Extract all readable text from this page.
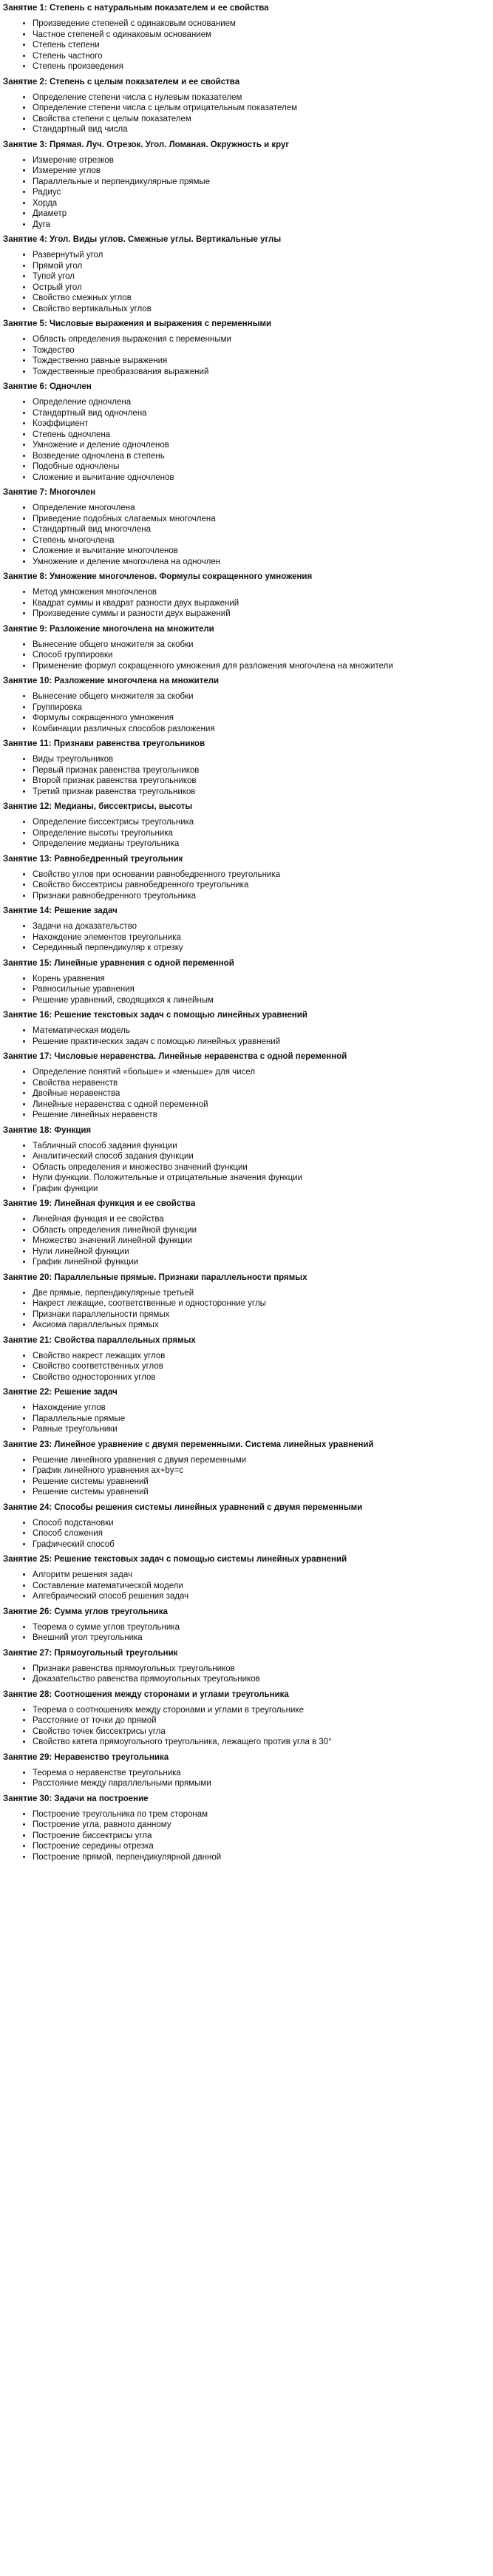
Занятие 1: Степень с натуральным показателем и ее свойства
• Произведение степеней с одинаковым основанием
• Частное степеней с одинаковым основанием
• Степень степени
• Степень частного
• Степень произведения
Занятие 2: Степень с целым показателем и ее свойства
• Определение степени числа с нулевым показателем
• Определение степени числа с целым отрицательным показателем
• Свойства степени с целым показателем
• Стандартный вид числа
Занятие 3: Прямая. Луч. Отрезок. Угол. Ломаная. Окружность и круг
• Измерение отрезков
• Измерение углов
• Параллельные и перпендикулярные прямые
• Радиус
• Хорда
• Диаметр
• Дуга
Занятие 4: Угол. Виды углов. Смежные углы. Вертикальные углы
• Развернутый угол
• Прямой угол
• Тупой угол
• Острый угол
• Свойство смежных углов
• Свойство вертикальных углов
Занятие 5: Числовые выражения и выражения с переменными
• Область определения выражения с переменными
• Тождество
• Тождественно равные выражения
• Тождественные преобразования выражений
Занятие 6: Одночлен
• Определение одночлена
• Стандартный вид одночлена
• Коэффициент
• Степень одночлена
• Умножение и деление одночленов
• Возведение одночлена в степень
• Подобные одночлены
• Сложение и вычитание одночленов
Занятие 7: Многочлен
• Определение многочлена
• Приведение подобных слагаемых многочлена
• Стандартный вид многочлена
• Степень многочлена
• Сложение и вычитание многочленов
• Умножение и деление многочлена на одночлен
Занятие 8: Умножение многочленов. Формулы сокращенного умножения
• Метод умножения многочленов
• Квадрат суммы и квадрат разности двух выражений
• Произведение суммы и разности двух выражений
Занятие 9: Разложение многочлена на множители
• Вынесение общего множителя за скобки
• Способ группировки
• Применение формул сокращенного умножения для разложения многочлена на множители
Занятие 10: Разложение многочлена на множители
• Вынесение общего множителя за скобки
• Группировка
• Формулы сокращенного умножения
• Комбинации различных способов разложения
Занятие 11: Признаки равенства треугольников
• Виды треугольников
• Первый признак равенства треугольников
• Второй признак равенства треугольников
• Третий признак равенства треугольников
Занятие 12: Медианы, биссектрисы, высоты
• Определение биссектрисы треугольника
• Определение высоты треугольника
• Определение медианы треугольника
Занятие 13: Равнобедренный треугольник
• Свойство углов при основании равнобедренного треугольника
• Свойство биссектрисы равнобедренного треугольника
• Признаки равнобедренного треугольника
Занятие 14: Решение задач
• Задачи на доказательство
• Нахождение элементов треугольника
• Серединный перпендикуляр к отрезку
Занятие 15: Линейные уравнения с одной переменной
• Корень уравнения
• Равносильные уравнения
• Решение уравнений, сводящихся к линейным
Занятие 16: Решение текстовых задач с помощью линейных уравнений
• Математическая модель
• Решение практических задач с помощью линейных уравнений
Занятие 17: Числовые неравенства. Линейные неравенства с одной переменной
• Определение понятий «больше» и «меньше» для чисел
• Свойства неравенств
• Двойные неравенства
• Линейные неравенства с одной переменной
• Решение линейных неравенств
Занятие 18: Функция
• Табличный способ задания функции
• Аналитический способ задания функции
• Область определения и множество значений функции
• Нули функции. Положительные и отрицательные значения функции
• График функции
Занятие 19: Линейная функция и ее свойства
• Линейная функция и ее свойства
• Область определения линейной функции
• Множество значений линейной функции
• Нули линейной функции
• График линейной функции
Занятие 20: Параллельные прямые. Признаки параллельности прямых
• Две прямые, перпендикулярные третьей
• Накрест лежащие, соответственные и односторонние углы
• Признаки параллельности прямых
• Аксиома параллельных прямых
Занятие 21: Свойства параллельных прямых
• Свойство накрест лежащих углов
• Свойство соответственных углов
• Свойство односторонних углов
Занятие 22: Решение задач
• Нахождение углов
• Параллельные прямые
• Равные треугольники
Занятие 23: Линейное уравнение с двумя переменными. Система линейных уравнений
• Решение линейного уравнения с двумя переменными
• График линейного уравнения ax+by=c
• Решение системы уравнений
• Решение системы уравнений
Занятие 24: Способы решения системы линейных уравнений с двумя переменными
• Способ подстановки
• Способ сложения
• Графический способ
Занятие 25: Решение текстовых задач с помощью системы линейных уравнений
• Алгоритм решения задач
• Составление математической модели
• Алгебраический способ решения задач
Занятие 26: Сумма углов треугольника
• Теорема о сумме углов треугольника
• Внешний угол треугольника
Занятие 27: Прямоугольный треугольник
• Признаки равенства прямоугольных треугольников
• Доказательство равенства прямоугольных треугольников
Занятие 28: Соотношения между сторонами и углами треугольника
• Теорема о соотношениях между сторонами и углами в треугольнике
• Расстояние от точки до прямой
• Свойство точек биссектрисы угла
• Свойство катета прямоугольного треугольника, лежащего против угла в 30°
Занятие 29: Неравенство треугольника
• Теорема о неравенстве треугольника
• Расстояние между параллельными прямыми
Занятие 30: Задачи на построение
• Построение треугольника по трем сторонам
• Построение угла, равного данному
• Построение биссектрисы угла
• Построение середины отрезка
• Построение прямой, перпендикулярной данной
